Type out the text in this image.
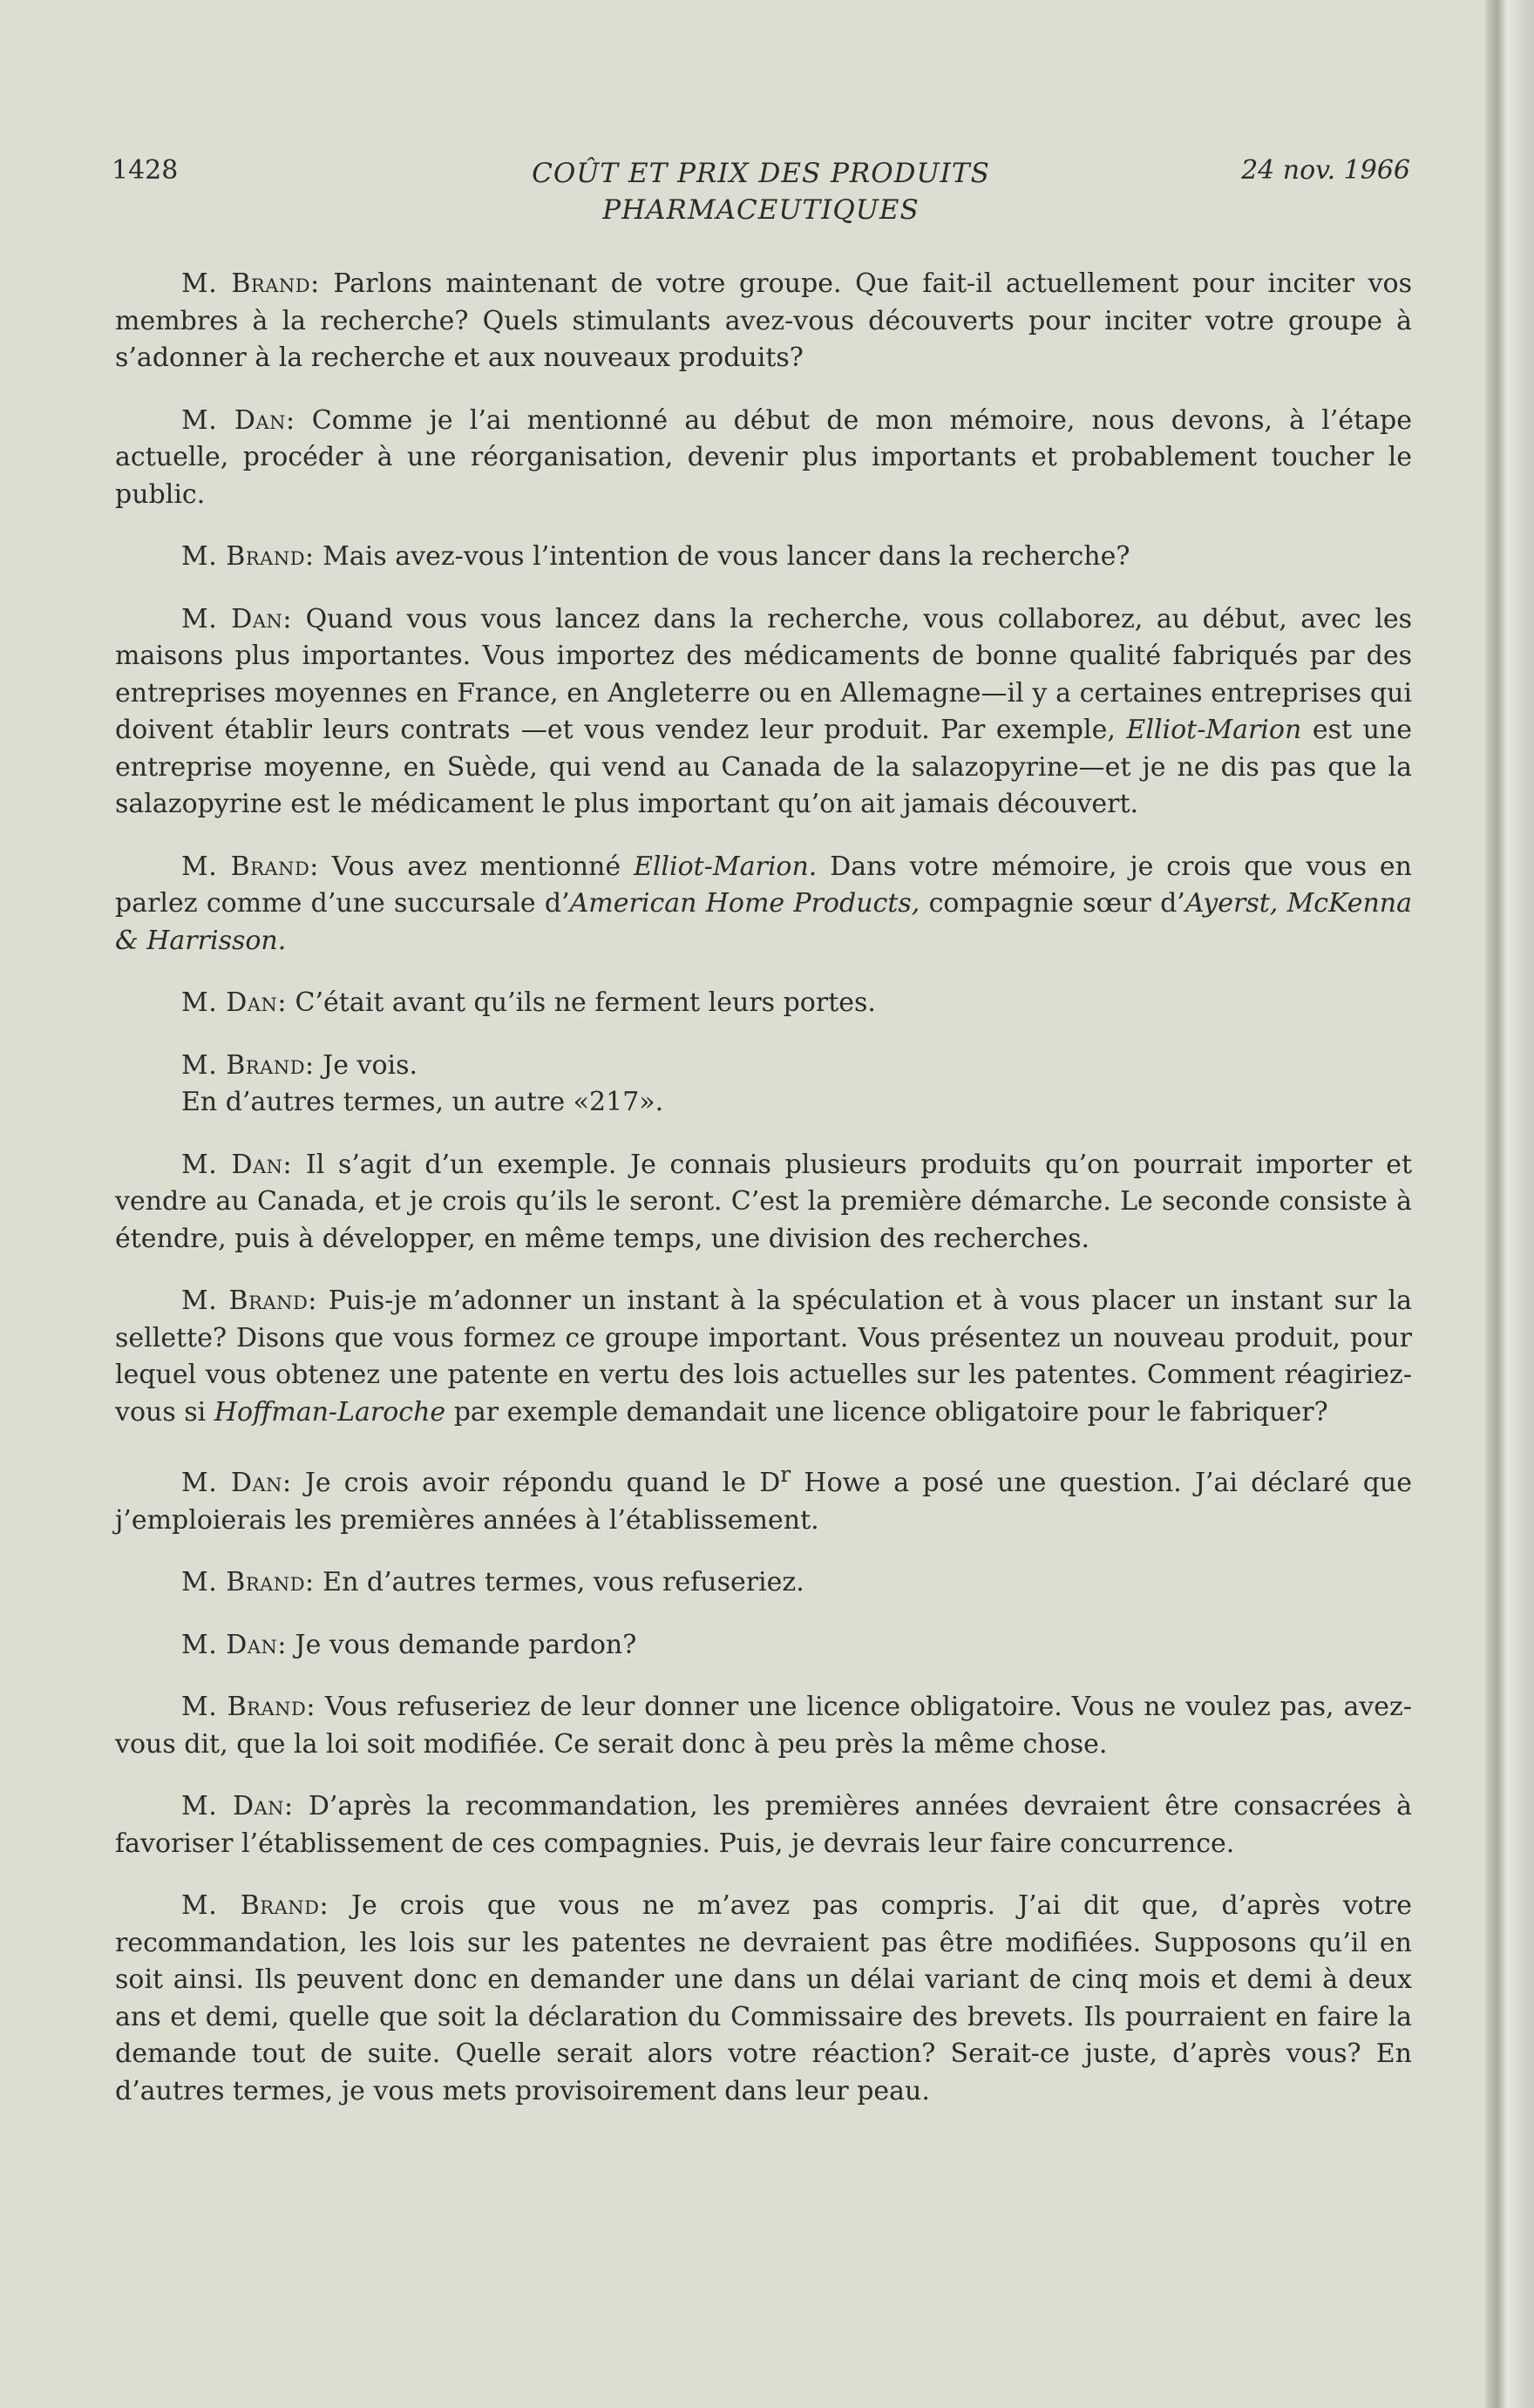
1428	COÛT ET PRIX DES PRODUITS
PHARMACEUTIQUES
24 nov. 1966

M. Brand: Parlons maintenant de votre groupe. Que fait-il actuellement pour inciter vos membres à la recherche? Quels stimulants avez-vous découverts pour inciter votre groupe à s’adonner à la recherche et aux nouveaux produits?

M. Dan: Comme je l’ai mentionné au début de mon mémoire, nous devons, à l’étape actuelle, procéder à une réorganisation, devenir plus importants et probablement toucher le public.

M. Brand: Mais avez-vous l’intention de vous lancer dans la recherche?

M. Dan: Quand vous vous lancez dans la recherche, vous collaborez, au début, avec les maisons plus importantes. Vous importez des médicaments de bonne qualité fabriqués par des entreprises moyennes en France, en Angleterre ou en Allemagne—il y a certaines entreprises qui doivent établir leurs contrats —et vous vendez leur produit. Par exemple, Elliot-Marion est une entreprise moyenne, en Suède, qui vend au Canada de la salazopyrine—et je ne dis pas que la salazopyrine est le médicament le plus important qu’on ait jamais découvert.

M. Brand: Vous avez mentionné Elliot-Marion. Dans votre mémoire, je crois que vous en parlez comme d’une succursale d’American Home Products, compagnie sœur d’Ayerst, McKenna & Harrisson.

M. Dan: C’était avant qu’ils ne ferment leurs portes.

M. Brand: Je vois.

En d’autres termes, un autre «217».

M. Dan: Il s’agit d’un exemple. Je connais plusieurs produits qu’on pourrait importer et vendre au Canada, et je crois qu’ils le seront. C’est la première démarche. Le seconde consiste à étendre, puis à développer, en même temps, une division des recherches.

M. Brand: Puis-je m’adonner un instant à la spéculation et à vous placer un instant sur la sellette? Disons que vous formez ce groupe important. Vous présentez un nouveau produit, pour lequel vous obtenez une patente en vertu des lois actuelles sur les patentes. Comment réagiriez-vous si Hoffman-Laroche par exemple demandait une licence obligatoire pour le fabriquer?

M. Dan: Je crois avoir répondu quand le $D^r$ Howe a posé une question. J’ai déclaré que j’emploierais les premières années à l’établissement.

M. Brand: En d’autres termes, vous refuseriez.

M. Dan: Je vous demande pardon?

M. Brand: Vous refuseriez de leur donner une licence obligatoire. Vous ne voulez pas, avez-vous dit, que la loi soit modifiée. Ce serait donc à peu près la même chose.

M. Dan: D’après la recommandation, les premières années devraient être consacrées à favoriser l’établissement de ces compagnies. Puis, je devrais leur faire concurrence.

M. Brand: Je crois que vous ne m’avez pas compris. J’ai dit que, d’après votre recommandation, les lois sur les patentes ne devraient pas être modifiées. Supposons qu’il en soit ainsi. Ils peuvent donc en demander une dans un délai variant de cinq mois et demi à deux ans et demi, quelle que soit la déclaration du Commissaire des brevets. Ils pourraient en faire la demande tout de suite. Quelle serait alors votre réaction? Serait-ce juste, d’après vous? En d’autres termes, je vous mets provisoirement dans leur peau.
